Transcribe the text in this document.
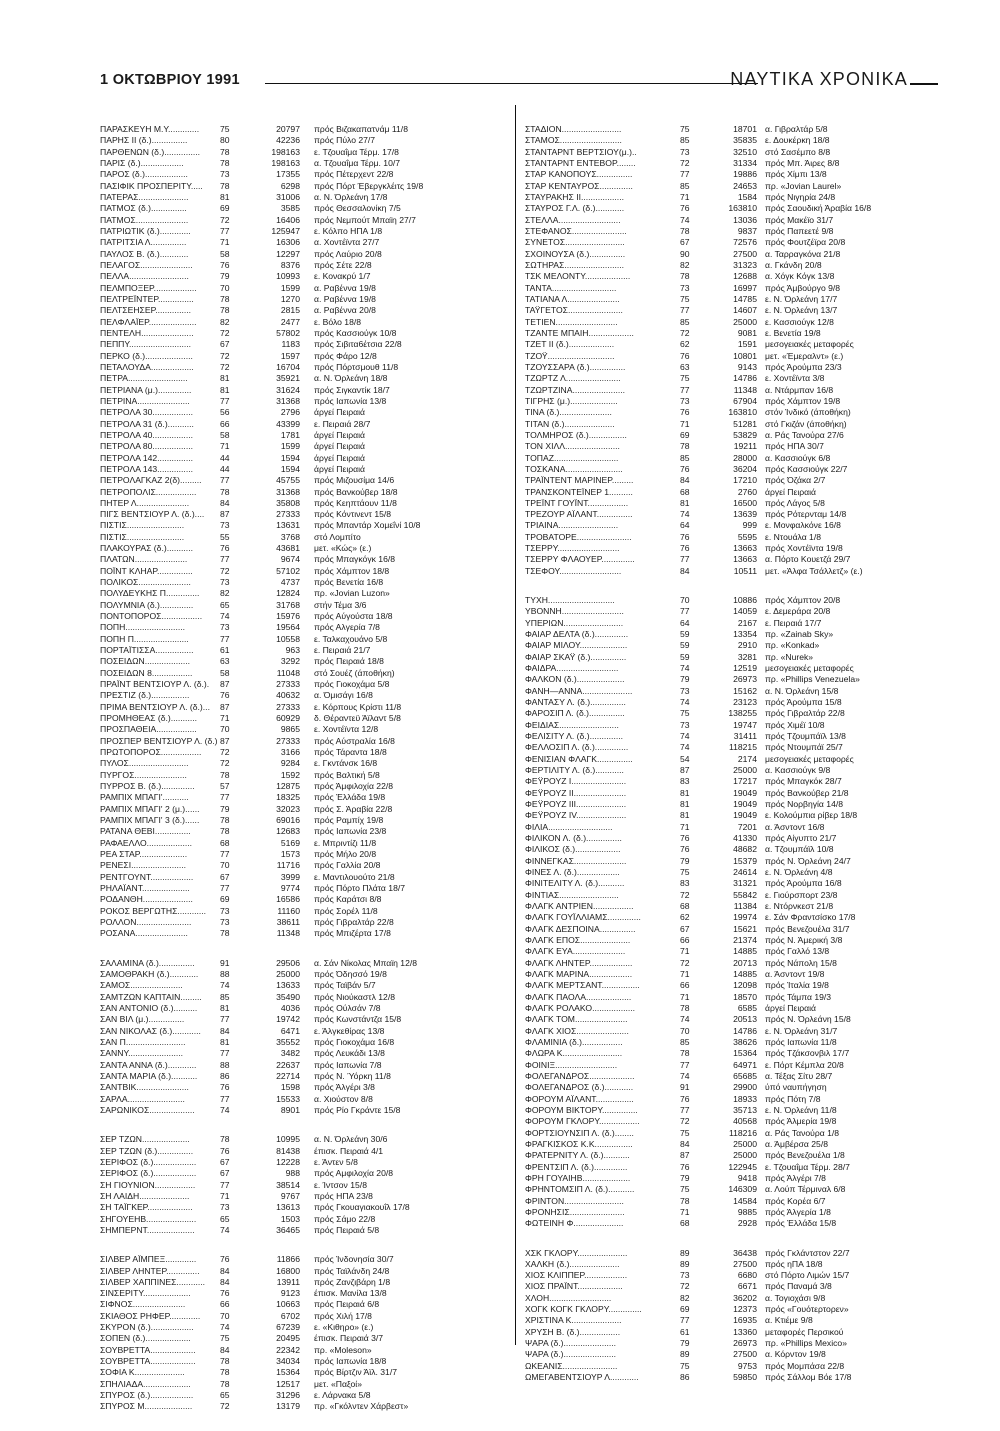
1 ΟΚΤΩΒΡΙΟΥ 1991	ΝΑΥΤΙΚΑ ΧΡΟΝΙΚΑ
ΠΑΡΑΣΚΕΥΗ Μ.Υ.............	75	20797 πρός Βιζακαπατνάμ 11/8
ΠΑΡΗΣ ΙΙ (δ.)...............	80	42236 πρός Πύλο 27/7
ΠΑΡΘΕΝΩΝ (δ.)...............	78	198163 ε. Τζουαΐμα Τέρμ. 17/8
ΠΑΡΙΣ (δ.)..................	78	198163 α. Τζουαΐμα Τέρμ. 10/7
ΠΑΡΟΣ (δ.)..................	73	17355 πρός Πέτερχεντ 22/8
ΠΑΣΙΦΙΚ ΠΡΟΣΠΕΡΙΤΥ.....	78	6298 πρός Πόρτ Έβεργκλέιτς 19/8
ΠΑΤΕΡΑΣ.....................	81	31006 α. Ν. Όρλεάνη 17/8
ΠΑΤΜΟΣ (δ.)...............	69	3585 πρός Θεσσαλονίκη 7/5
ΠΑΤΜΟΣ......................	72	16406 πρός Νεμπούτ Μπαϊη 27/7
ΠΑΤΡΙΩΤΙΚ (δ.).............	77	125947 ε. Κόλπο ΗΠΑ 1/8
ΠΑΤΡΙΤΣΙΑ Λ...............	71	16306 α. Χοντέϊντα 27/7
ΠΑΥΛΟΣ Β. (δ.)............	58	12297 πρός Λαύριο 20/8
ΠΕΛΑΓΟΣ......................	76	8376 πρός Σέτε 22/8
ΠΕΛΛΑ.........................	79	10993 ε. Κονακρύ 1/7
ΠΕΛΜΠΟΞΕΡ..................	70	1599 α. Ραβέννα 19/8
ΠΕΛΤΡΕΪΝΤΕΡ...............	78	1270 α. Ραβέννα 19/8
ΠΕΛΤΣΕΗΣΕΡ...............	78	2815 α. Ραβέννα 20/8
ΠΕΛΦΛΑΪΕΡ....................	82	2477 ε. Βόλο 18/8
ΠΕΝΤΕΛΗ......................	72	57802 πρός Κασσιούγκ 10/8
ΠΕΠΠΥ..........................	67	1183 πρός Σιβιτα6έτσια 22/8
ΠΕΡΚΟ (δ.)....................	72	1597 πρός Φάρο 12/8
ΠΕΤΑΛΟΥΔΑ..................	72	16704 πρός Πόρτσμουθ 11/8
ΠΕΤΡΑ.........................	81	35921 α. Ν. Όρλεάνη 18/8
ΠΕΤΡΙΑΝΑ (μ.)..............	81	31624 πρός Σιγκαντίκ 18/7
ΠΕΤΡΙΝΑ......................	77	31368 πρός Ιαπωνία 13/8
ΠΕΤΡΟΛΑ 30.................	56	2796 άργεί Πειραιά
ΠΕΤΡΟΛΑ 31 (δ.)...........	66	43399 ε. Πειραιά 28/7
ΠΕΤΡΟΛΑ 40.................	58	1781 άργεί Πειραιά
ΠΕΤΡΟΛΑ 80.................	71	1599 άργεί Πειραιά
ΠΕΤΡΟΛΑ 142...............	44	1594 άργεί Πειραιά
ΠΕΤΡΟΛΑ 143...............	44	1594 άργεί Πειραιά
ΠΕΤΡΟΛΑΓΚΑΖ 2(δ).........	77	45755 πρός Μιζουσίμα 14/6
ΠΕΤΡΟΠΟΛΙΣ.................	78	31368 πρός Βανκούβερ 18/8
ΠΗΤΕΡ Λ......................	84	35808 πρός Κεηπτάουν 11/8
ΠΙΓΣ ΒΕΝΤΣΙΟΥΡ Λ. (δ.)....	87	27333 πρός Κόντινεντ 15/8
ΠΙΣΤΙΣ........................	73	13631 πρός Μπαντάρ Χομεΐνί 10/8
ΠΙΣΤΙΣ........................	55	3768 στό Λομπίτο
ΠΛΑΚΟΥΡΑΣ (δ.)...........	76	43681 μετ. «Κώς» (ε.)
ΠΛΑΤΩΝ......................	77	9674 πρός Μπαγκόγκ 16/8
ΠΟΪΝΤ ΚΛΗΑΡ...............	72	57102 πρός Χάμπτον 18/8
ΠΟΛΙΚΟΣ......................	73	4737 πρός Βενετία 16/8
ΠΟΛΥΔΕΥΚΗΣ Π..............	82	12824 πρ. «Jovian Luzon»
ΠΟΛΥΜΝΙΑ (δ.)..............	65	31768 στήν Τέμα 3/6
ΠΟΝΤΟΠΟΡΟΣ.................	74	15976 πρός Αύγούστα 18/8
ΠΟΠΗ.........................	73	19564 πρός Αλγερία 7/8
ΠΟΠΗ Π.......................	77	10558 ε. Ταλκαχουάνο 5/8
ΠΟΡΤΑΪΤΙΣΣΑ................	61	963 ε. Πειραιά 21/7
ΠΟΣΕΙΔΩΝ...................	63	3292 πρός Πειραιά 18/8
ΠΟΣΕΙΔΩΝ 8.................	58	11048 στό Σουέζ (άποθήκη)
ΠΡΑΪΝΤ ΒΕΝΤΣΙΟΥΡ Λ. (δ.).	87	27333 πρός Γιοκοχάμα 5/8
ΠΡΕΣΤΙΖ (δ.)................	76	40632 α. Όμισάγι 16/8
ΠΡΙΜΑ ΒΕΝΤΣΙΟΥΡ Λ. (δ.)...	87	27333 ε. Κόρπους Κρίστι 11/8
ΠΡΟΜΗΘΕΑΣ (δ.)...........	71	60929 δ. Θέραντεϋ Άϊλαντ 5/8
ΠΡΟΣΠΑΘΕΙΑ.................	70	9865 ε. Χοντέϊντα 12/8
ΠΡΟΣΠΕΡ ΒΕΝΤΣΙΟΥΡ Λ. (δ.) 87	27333 πρός Αύστραλία 16/8
ΠΡΩΤΟΠΟΡΟΣ.................	72	3166 πρός Τάραντα 18/8
ΠΥΛΟΣ.........................	72	9284 ε. Γκντάνσκ 16/8
ΠΥΡΓΟΣ......................	78	1592 πρός Βαλτική 5/8
ΠΥΡΡΟΣ Β. (δ.)..............	57	12875 πρός Άμφιλοχία 22/8
ΡΑΜΠΙΧ ΜΠΑΓΙ'...........	77	18325 πρός Έλλάδα 19/8
ΡΑΜΠΙΧ ΜΠΑΓΙ' 2 (μ.)......	79	32023 πρός Σ. Άραβία 22/8
ΡΑΜΠΙΧ ΜΠΑΓΙ' 3 (δ.)......	78	69016 πρός Ραμπίχ 19/8
ΡΑΤΑΝΑ ΘΕΒΙ...............	78	12683 πρός Ιαπωνία 23/8
ΡΑΦΑΕΛΛΟ...................	68	5169 ε. Μπριντίζι 11/8
ΡΕΑ ΣΤΑΡ....................	77	1573 πρός Μήλο 20/8
ΡΕΝΕΣΙ.......................	70	11716 πρός Γαλλία 20/8
ΡΕΝΤΓΟΥΝΤ..................	67	3999 ε. Μαντιλουούτο 21/8
ΡΗΛΑΪΑΝΤ....................	77	9774 πρός Πόρτο Πλάτα 18/7
ΡΟΔΑΝΘΗ.....................	69	16586 πρός Καράτσι 8/8
ΡΟΚΟΣ ΒΕΡΓΩΤΗΣ............	73	11160 πρός Σορέλ 11/8
ΡΟΛΛΟΝ.......................	73	38611 πρός Γιβραλτάρ 22/8
ΡΟΣΑΝΑ......................	78	11348 πρός Μπιζέρτα 17/8
ΣΑΛΑΜΙΝΑ (δ.)...............	91	29506 α. Σάν Νίκολας Μπαϊη 12/8
ΣΑΜΟΘΡΑΚΗ (δ.)............	88	25000 πρός Όδησσό 19/8
ΣΑΜΟΣ......................	74	13633 πρός Ταϊβάν 5/7
ΣΑΜΤΖΩΝ ΚΑΠΤΑΙΝ.........	85	35490 πρός Νιούκαστλ 12/8
ΣΑΝ ΑΝΤΟΝΙΟ (δ.)..........	81	4036 πρός Ούλσάν 7/8
ΣΑΝ ΒΙΛ (μ.)...............	77	19742 πρός Κωνστάντζα 15/8
ΣΑΝ ΝΙΚΟΛΑΣ (δ.)............	84	6471 ε. Άλγκεθίρας 13/8
ΣΑΝ Π.........................	81	35552 πρός Γιοκοχάμα 16/8
ΣΑΝΝΥ.......................	77	3482 πρός Λευκάδι 13/8
ΣΑΝΤΑ ΑΝΝΑ (δ.)............	88	22637 πρός Ιαπωνία 7/8
ΣΑΝΤΑ ΜΑΡΙΑ (δ.)...........	86	22714 πρός Ν. Ύόρκη 11/8
ΣΑΝΤΒΙΚ......................	76	1598 πρός Άλγέρι 3/8
ΣΑΡΛΑ........................	77	15533 α. Χιούστον 8/8
ΣΑΡΩΝΙΚΟΣ...................	74	8901 πρός Ρίο Γκράντε 15/8
ΣΕΡ ΤΖΩΝ....................	78	10995 α. Ν. Όρλεάνη 30/6
ΣΕΡ ΤΖΩΝ (δ.)...............	76	81438 έπισκ. Πειραιά 4/1
ΣΕΡΙΦΟΣ (δ.)..................	67	12228 ε. Άντεν 5/8
ΣΕΡΙΦΟΣ (δ.)..................	67	988 πρός Αμφιλοχία 20/8
ΣΗ ΓΙΟΥΝΙΟΝ.................	77	38514 ε. Ίντσον 15/8
ΣΗ ΛΑΙΔΗ.....................	71	9767 πρός ΗΠΑ 23/8
ΣΗ ΤΑΪΓΚΕΡ...................	73	13613 πρός Γκουαγιακουΐλ 17/8
ΣΗΓΟΥΕΗΒ.....................	65	1503 πρός Σάμο 22/8
ΣΗΜΠΕΡΝΤ....................	74	36465 πρός Πειραιά 5/8
ΣΙΛΒΕΡ ΑΪΜΠΕΞ.............	76	11866 πρός Ίνδονησία 30/7
ΣΙΛΒΕΡ ΛΗΝΤΕΡ..............	84	16800 πρός Ταϊλάνδη 24/8
ΣΙΛΒΕΡ ΧΑΠΠΙΝΕΣ............	84	13911 πρός Ζανζιβάρη 1/8
ΣΙΝΣΕΡΙΤΥ....................	76	9123 έπισκ. Μανίλα 13/8
ΣΙΦΝΟΣ......................	66	10663 πρός Πειραιά 6/8
ΣΚΙΑΘΟΣ ΡΗΦΕΡ.............	70	6702 πρός Χιλή 17/8
ΣΚΥΡΟΝ (δ.)..................	74	67239 ε. «Κιθηρο» (ε.)
ΣΟΠΕΝ (δ.)...................	75	20495 έπισκ. Πειραιά 3/7
ΣΟΥΒΡΕΤΤΑ...................	84	22342 πρ. «Moleson»
ΣΟΥΒΡΕΤΤΑ...................	78	34034 πρός Ιαπωνία 18/8
ΣΟΦΙΑ Κ.....................	78	15364 πρός Βίρτζιν Άϊλ. 31/7
ΣΠΗΛΙΑΔΑ....................	78	12517 μετ. «Παξοί»
ΣΠΥΡΟΣ (δ.)..................	65	31296 ε. Λάρνακα 5/8
ΣΠΥΡΟΣ Μ....................	72	13179 πρ. «Γκόλντεν Χάρβεστ»
ΣΤΑΔΙΟΝ.........................	75	18701 α. Γιβραλτάρ 5/8
ΣΤΑΜΟΣ..........................	85	35835 ε. Δουκέρκη 18/8
ΣΤΑΝΤΑΡΝΤ ΒΕΡΤΣΙΟΥ(μ.)..	73	32510 στό Σασέμπο 8/8
ΣΤΑΝΤΑΡΝΤ ΕΝΤΕΒΟΡ........	72	31334 πρός Μπ. Άιρες 8/8
ΣΤΑΡ ΚΑΝΟΠΟΥΣ...............	77	19886 πρός Χίμπι 13/8
ΣΤΑΡ ΚΕΝΤΑΥΡΟΣ..............	85	24653 πρ. «Jovian Laurel»
ΣΤΑΥΡΑΚΗΣ ΙΙ..................	71	1584 πρός Νιγηρία 24/8
ΣΤΑΥΡΟΣ Γ.Λ. (δ.)............	76	163810 πρός Σαουδική Άραβία 16/8
ΣΤΕΛΛΑ..........................	74	13036 πρός Μακέϊο 31/7
ΣΤΕΦΑΝΟΣ.......................	78	9837 πρός Παπεετέ 9/8
ΣΥΝΕΤΟΣ.........................	67	72576 πρός Φουτζέϊρα 20/8
ΣΧΟΙΝΟΥΣΑ (δ.)...............	90	27500 α. Ταρραγκόνα 21/8
ΣΩΤΗΡΑΣ.........................	82	31323 α. Γκάνδη 20/8
ΤΣΚ ΜΕΛΟΝΤΥ...................	78	12688 α. Χόγκ Κόγκ 13/8
ΤΑΝΤΑ...........................	73	16997 πρός Άμβούργο 9/8
ΤΑΤΙΑΝΑ Λ......................	75	14785 ε. Ν. Όρλεάνη 17/7
ΤΑΫΓΕΤΟΣ.......................	77	14607 ε. Ν. Όρλεάνη 13/7
ΤΕΤΙΕΝ..........................	85	25000 ε. Κασσιούγκ 12/8
ΤΖΑΝΤΕ ΜΠΑΙΗ...................	72	9081 ε. Βενετία 19/8
ΤΖΕΤ ΙΙ (δ.)...................	62	1591 μεσογειακές μεταφορές
ΤΖΟΫ............................	76	10801 μετ. «Έμεραλντ» (ε.)
ΤΖΟΥΣΣΑΡΑ (δ.)...............	63	9143 πρός Άρούμπα 23/3
ΤΖΩΡΤΖ Λ.......................	75	14786 ε. Χοντέϊντα 3/8
ΤΖΩΡΤΖΙΝΑ......................	77	11348 α. Ντάρμπαν 16/8
ΤΙΓΡΗΣ (μ.)....................	73	67904 πρός Χάμπτον 19/8
ΤΙΝΑ (δ.)......................	76	163810 στόν Ίνδικό (άποθήκη)
ΤΙΤΑΝ (δ.).....................	71	51281 στό Γκιζάν (άποθήκη)
ΤΟΛΜΗΡΟΣ (δ.)................	69	53829 α. Ράς Τανούρα 27/6
ΤΟΝ ΧΙΛΛ.......................	78	19211 πρός ΗΠΑ 30/7
ΤΟΠΑΖ...........................	85	28000 α. Κασσιούγκ 6/8
ΤΟΣΚΑΝΑ........................	76	36204 πρός Κασσιούγκ 22/7
ΤΡΑΪΝΤΕΝΤ ΜΑΡΙΝΕΡ.........	84	17210 πρός Όζάκα 2/7
ΤΡΑΝΣΚΟΝΤΕΪΝΕΡ 1..........	68	2760 άργεί Πειραιά
ΤΡΕΪΝΤ ΓΟΥΪΝΤ.................	81	16500 πρός Λάγος 5/8
ΤΡΕΖΟΥΡ ΑΪΛΑΝΤ...............	74	13639 πρός Ρότερνταμ 14/8
ΤΡΙΑΙΝΑ.........................	64	999 ε. Μονφαλκόνε 16/8
ΤΡΟΒΑΤΟΡΕ.......................	76	5595 ε. Ντουάλα 1/8
ΤΣΕΡΡΥ..........................	76	13663 πρός Χοντέϊντα 19/8
ΤΣΕΡΡΥ ΦΛΑΟΥΕΡ..............	77	13663 α. Πόρτο Κουετζά 29/7
ΤΣΕΦΟΥ..........................	84	10511 μετ. «Άλφα Τσάλλετζ» (ε.)
ΤΥΧΗ............................	70	10886 πρός Χάμπτον 20/8
ΥΒΟΝΝΗ..........................	77	14059 ε. Δεμεράρα 20/8
ΥΠΕΡΙΩΝ.........................	64	2167 ε. Πειραιά 17/7
ΦΑΙΑΡ ΔΕΛΤΑ (δ.)..............	59	13354 πρ. «Zainab Sky»
ΦΑΙΑΡ ΜΙΛΟΥ....................	59	2910 πρ. «Konkad»
ΦΑΙΑΡ ΣΚΑΫ (δ.)...............	59	3281 πρ. «Nurek»
ΦΑΙΔΡΑ..........................	74	12519 μεσογειακές μεταφορές
ΦΑΛΚΟΝ (δ.)....................	79	26973 πρ. «Phillips Venezuela»
ΦΑΝΗ—ΑΝΝΑ.....................	73	15162 α. Ν. Όρλεάνη 15/8
ΦΑΝΤΑΣΥ Λ. (δ.)...............	74	23123 πρός Άρούμπα 15/8
ΦΑΡΟΣΙΠ Λ. (δ.)...............	75	138255 πρός Γιβραλτάρ 22/8
ΦΕΙΔΙΑΣ.........................	73	19747 πρός Χιμέϊ 10/8
ΦΕΛΙΣΙΤΥ Λ. (δ.)..............	74	31411 πρός Τζουμπάϊλ 13/8
ΦΕΛΛΟΣΙΠ Λ. (δ.)..............	74	118215 πρός Ντουμπάϊ 25/7
ΦΕΝΙΣΙΑΝ ΦΛΑΓΚ...............	54	2174 μεσογειακές μεταφορές
ΦΕΡΤΙΛΙΤΥ Λ. (δ.)............	87	25000 α. Κασσιούγκ 9/8
ΦΕΫΡΟΥΖ Ι.......................	83	17217 πρός Μπαγκόκ 28/7
ΦΕΫΡΟΥΖ ΙΙ......................	81	19049 πρός Βανκούβερ 21/8
ΦΕΫΡΟΥΖ ΙΙΙ.....................	81	19049 πρός Νορβηγία 14/8
ΦΕΫΡΟΥΖ ΙV.....................	81	19049 ε. Κολούμπια ρίβερ 18/8
ΦΙΛΙΑ...........................	71	7201 α. Άσντοντ 16/8
ΦΙΛΙΚΟΝ Λ. (δ.)...............	76	41330 πρός Αίγυπτο 21/7
ΦΙΛΙΚΟΣ (δ.)...................	76	48682 α. Τζουμπάϊλ 10/8
ΦΙΝΝΕΓΚΑΣ......................	79	15379 πρός Ν. Όρλεάνη 24/7
ΦΙΝΕΣ Λ. (δ.)..................	75	24614 ε. Ν. Όρλεάνη 4/8
ΦΙΝΙΤΕΛΙΤΥ Λ. (δ.)...........	83	31321 πρός Άρούμπα 16/8
ΦΙΝΤΙΑΣ.........................	72	55842 ε. Γιούρσπορτ 23/8
ΦΛΑΓΚ ΑΝΤΡΙΕΝ.................	68	11384 ε. Ντόρνκεστ 21/8
ΦΛΑΓΚ ΓΟΥΪΛΛΙΑΜΣ..............	62	19974 ε. Σάν Φραντσίσκο 17/8
ΦΛΑΓΚ ΔΕΣΠΟΙΝΑ...............	67	15621 πρός Βενεζουέλα 31/7
ΦΛΑΓΚ ΕΠΟΣ.....................	66	21374 πρός Ν. Άμερική 3/8
ΦΛΑΓΚ ΕΥΑ......................	71	14885 πρός Γαλλό 13/8
ΦΛΑΓΚ ΛΗΝΤΕΡ..................	72	20713 πρός Νάπολη 15/8
ΦΛΑΓΚ ΜΑΡΙΝΑ..................	71	14885 α. Άσντοντ 19/8
ΦΛΑΓΚ ΜΕΡΤΣΑΝΤ................	66	12098 πρός Ίταλία 19/8
ΦΛΑΓΚ ΠΑΟΛΑ...................	71	18570 πρός Τάμπα 19/3
ΦΛΑΓΚ ΡΟΛΑΚΟ..................	78	6585 άργεί Πειραιά
ΦΛΑΓΚ ΤΟΜ......................	74	20513 πρός Ν. Όρλεάνη 15/8
ΦΛΑΓΚ ΧΙΟΣ......................	70	14786 ε. Ν. Όρλεάνη 31/7
ΦΛΑΜΙΝΙΑ (δ.).................	85	38626 πρός Ιαπωνία 11/8
ΦΛΩΡΑ Κ.........................	78	15364 πρός Τζάκσονβιλ 17/7
ΦΟΙΝΙΞ..........................	77	64971 ε. Πόρτ Κέμπλα 20/8
ΦΟΛΕΓΑΝΔΡΟΣ...................	74	65685 α. Τέξας Σίτυ 28/7
ΦΟΛΕΓΑΝΔΡΟΣ (δ.)............	91	29900 ύπό ναυπήγηση
ΦΟΡΟΥΜ ΑΪΛΑΝΤ................	76	18933 πρός Πότη 7/8
ΦΟΡΟΥΜ ΒΙΚΤΟΡΥ...............	77	35713 ε. Ν. Όρλεάνη 11/8
ΦΟΡΟΥΜ ΓΚΛΟΡΥ.................	72	40568 πρός Άλμερία 19/8
ΦΟΡΤΣΙΟΥΝΣΙΠ Λ. (δ.)........	75	118216 α. Ράς Τανούρα 1/8
ΦΡΑΓΚΙΣΚΟΣ Κ.Κ................	84	25000 α. Άμβέρσα 25/8
ΦΡΑΤΕΡΝΙΤΥ Λ. (δ.)...........	87	25000 πρός Βενεζουέλα 1/8
ΦΡΕΝΤΣΙΠ Λ. (δ.)..............	76	122945 ε. Τζουαΐμα Τέρμ. 28/7
ΦΡΗ ΓΟΥΑΙΗΒ....................	79	9418 πρός Άλγέρι 7/8
ΦΡΗΝΤΟΜΣΙΠ Λ. (δ.)...........	75	146309 α. Λούπ Τέρμιναλ 6/8
ΦΡΙΝΤΟΝ.........................	78	14584 πρός Κορέα 6/7
ΦΡΟΝΗΣΙΣ.......................	71	9885 πρός Άλγερία 1/8
ΦΩΤΕΙΝΗ Φ.....................	68	2928 πρός Έλλάδα 15/8
ΧΣΚ ΓΚΛΟΡΥ.....................	89	36438 πρός Γκλάντστον 22/7
ΧΑΛΚΗ (δ.).....................	89	27500 πρός ηΠΑ 18/8
ΧΙΟΣ ΚΛΙΠΠΕΡ..................	73	6680 στό Πόρτο Λιμών 15/7
ΧΙΟΣ ΠΡΑΪΝΤ...................	72	6671 πρός Παναμά 3/8
ΧΛΟΗ..........................	82	36202 α. Τογιοχάσι 9/8
ΧΟΓΚ ΚΟΓΚ ΓΚΛΟΡΥ..............	69	12373 πρός «Γουότερτορεν»
ΧΡΙΣΤΙΝΑ Κ.....................	77	16935 α. Κτιέμε 9/8
ΧΡΥΣΗ Β. (δ.).................	61	13360 μεταφορές Περσικού
ΨΑΡΑ (δ.)......................	79	26973 πρ. «Phillips Mexico»
ΨΑΡΑ (δ.)......................	89	27500 α. Κόρντον 19/8
ΩΚΕΑΝΙΣ.......................	75	9753 πρός Μομπάσα 22/8
ΩΜΕΓΑΒΕΝΤΣΙΟΥΡ Λ............	86	59850 πρός Σάλλομ Βόε 17/8
